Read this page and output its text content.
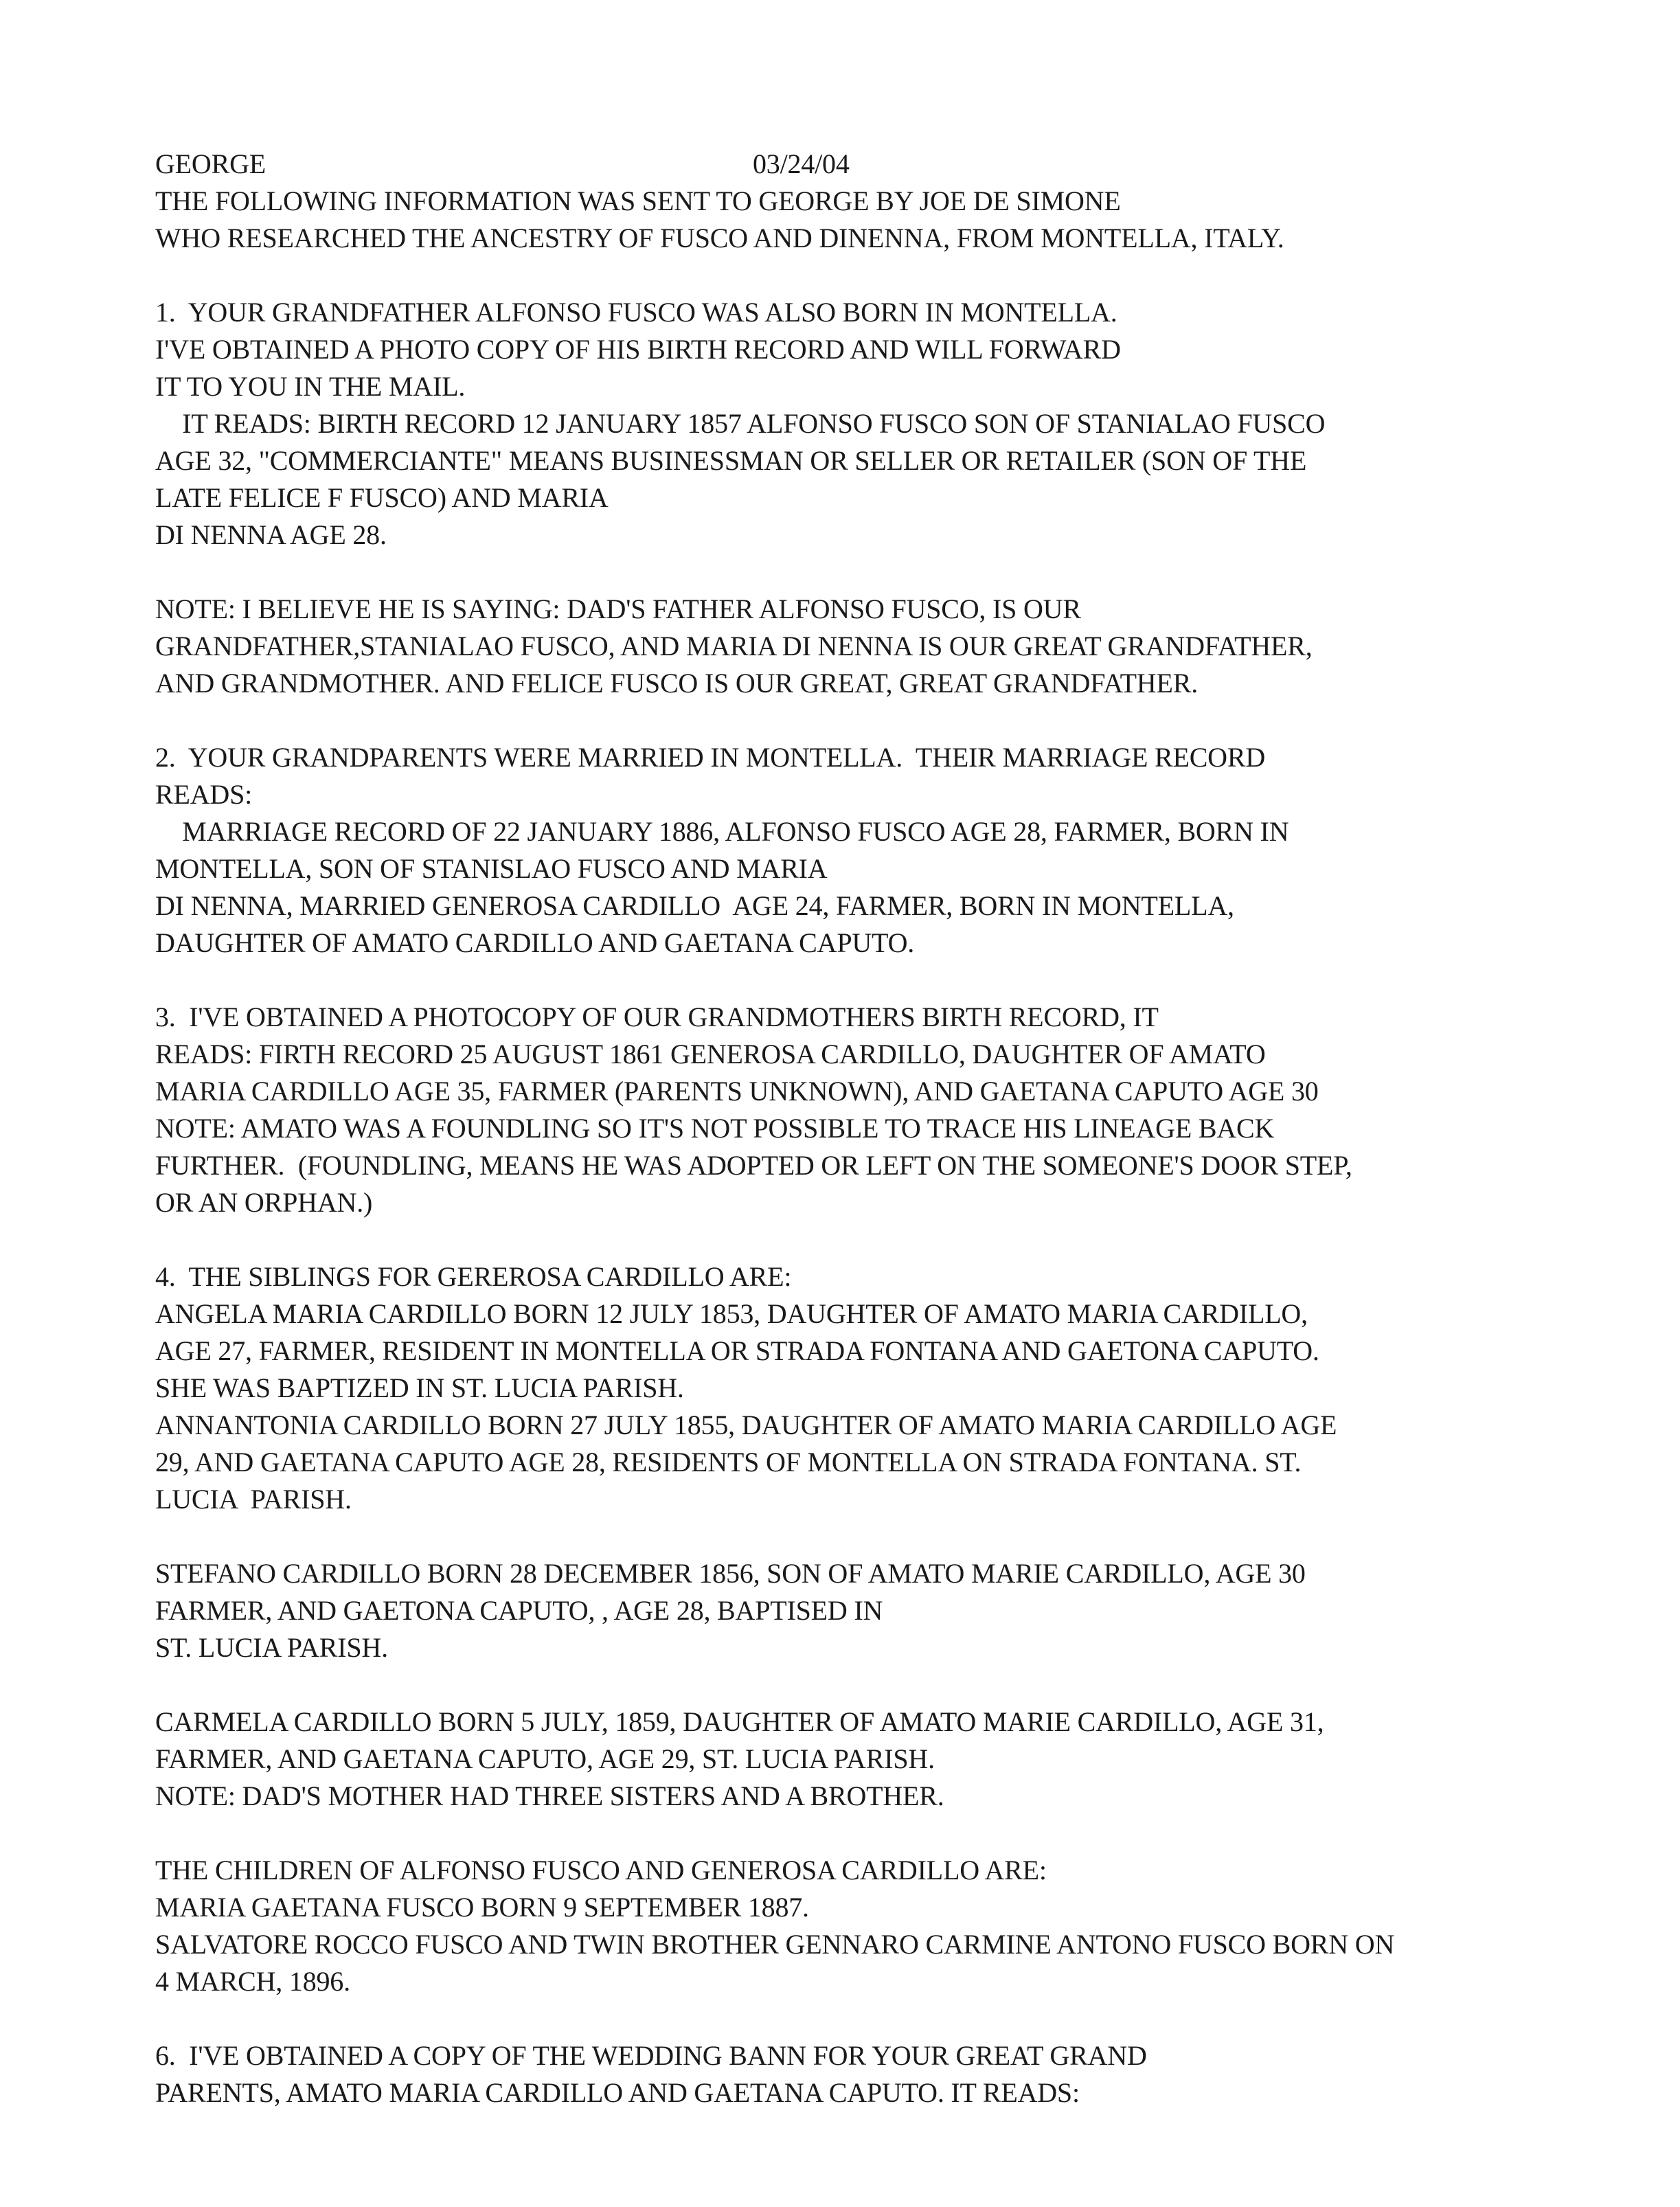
GEORGE	03/24/04
THE FOLLOWING INFORMATION WAS SENT TO GEORGE BY JOE DE SIMONE
WHO RESEARCHED THE ANCESTRY OF FUSCO AND DINENNA, FROM MONTELLA, ITALY.
1.  YOUR GRANDFATHER ALFONSO FUSCO WAS ALSO BORN IN MONTELLA.
I'VE OBTAINED A PHOTO COPY OF HIS BIRTH RECORD AND WILL FORWARD
IT TO YOU IN THE MAIL.
IT READS: BIRTH RECORD 12 JANUARY 1857 ALFONSO FUSCO SON OF STANIALAO FUSCO
AGE 32, "COMMERCIANTE" MEANS BUSINESSMAN OR SELLER OR RETAILER (SON OF THE
LATE FELICE F FUSCO) AND MARIA
DI NENNA AGE 28.
NOTE: I BELIEVE HE IS SAYING: DAD'S FATHER ALFONSO FUSCO, IS OUR
GRANDFATHER,STANIALAO FUSCO, AND MARIA DI NENNA IS OUR GREAT GRANDFATHER,
AND GRANDMOTHER. AND FELICE FUSCO IS OUR GREAT, GREAT GRANDFATHER.
2.  YOUR GRANDPARENTS WERE MARRIED IN MONTELLA.  THEIR MARRIAGE RECORD
READS:
MARRIAGE RECORD OF 22 JANUARY 1886, ALFONSO FUSCO AGE 28, FARMER, BORN IN
MONTELLA, SON OF STANISLAO FUSCO AND MARIA
DI NENNA, MARRIED GENEROSA CARDILLO  AGE 24, FARMER, BORN IN MONTELLA,
DAUGHTER OF AMATO CARDILLO AND GAETANA CAPUTO.
3.  I'VE OBTAINED A PHOTOCOPY OF OUR GRANDMOTHERS BIRTH RECORD, IT
READS: FIRTH RECORD 25 AUGUST 1861 GENEROSA CARDILLO, DAUGHTER OF AMATO
MARIA CARDILLO AGE 35, FARMER (PARENTS UNKNOWN), AND GAETANA CAPUTO AGE 30
NOTE: AMATO WAS A FOUNDLING SO IT'S NOT POSSIBLE TO TRACE HIS LINEAGE BACK
FURTHER.  (FOUNDLING, MEANS HE WAS ADOPTED OR LEFT ON THE SOMEONE'S DOOR STEP,
OR AN ORPHAN.)
4.  THE SIBLINGS FOR GEREROSA CARDILLO ARE:
ANGELA MARIA CARDILLO BORN 12 JULY 1853, DAUGHTER OF AMATO MARIA CARDILLO,
AGE 27, FARMER, RESIDENT IN MONTELLA OR STRADA FONTANA AND GAETONA CAPUTO.
SHE WAS BAPTIZED IN ST. LUCIA PARISH.
ANNANTONIA CARDILLO BORN 27 JULY 1855, DAUGHTER OF AMATO MARIA CARDILLO AGE
29, AND GAETANA CAPUTO AGE 28, RESIDENTS OF MONTELLA ON STRADA FONTANA. ST.
LUCIA  PARISH.
STEFANO CARDILLO BORN 28 DECEMBER 1856, SON OF AMATO MARIE CARDILLO, AGE 30
FARMER, AND GAETONA CAPUTO, , AGE 28, BAPTISED IN
ST. LUCIA PARISH.
CARMELA CARDILLO BORN 5 JULY, 1859, DAUGHTER OF AMATO MARIE CARDILLO, AGE 31,
FARMER, AND GAETANA CAPUTO, AGE 29, ST. LUCIA PARISH.
NOTE: DAD'S MOTHER HAD THREE SISTERS AND A BROTHER.
THE CHILDREN OF ALFONSO FUSCO AND GENEROSA CARDILLO ARE:
MARIA GAETANA FUSCO BORN 9 SEPTEMBER 1887.
SALVATORE ROCCO FUSCO AND TWIN BROTHER GENNARO CARMINE ANTONO FUSCO BORN ON
4 MARCH, 1896.
6.  I'VE OBTAINED A COPY OF THE WEDDING BANN FOR YOUR GREAT GRAND
PARENTS, AMATO MARIA CARDILLO AND GAETANA CAPUTO. IT READS:
